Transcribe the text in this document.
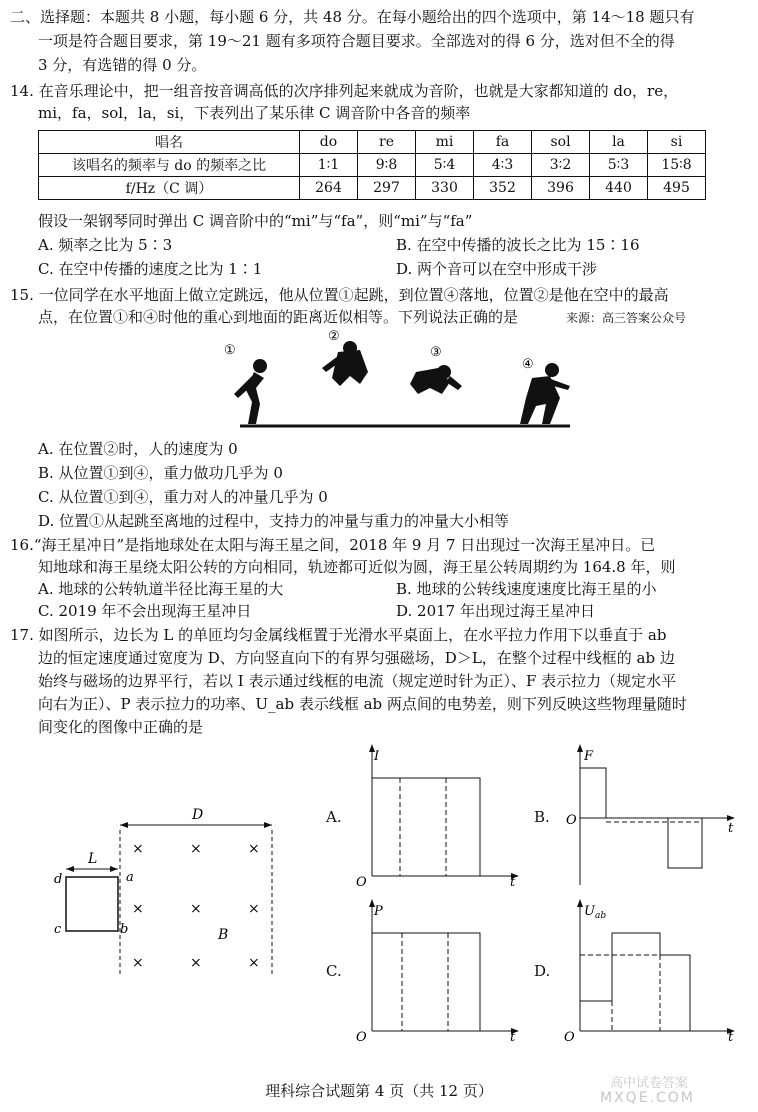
二、选择题：本题共 8 小题，每小题 6 分，共 48 分。在每小题给出的四个选项中，第 14～18 题只有
一项是符合题目要求，第 19～21 题有多项符合题目要求。全部选对的得 6 分，选对但不全的得
3 分，有选错的得 0 分。
14. 在音乐理论中，把一组音按音调高低的次序排列起来就成为音阶，也就是大家都知道的 do，re，
mi，fa，sol，la，si，下表列出了某乐律 C 调音阶中各音的频率
唱名	do	re	mi	fa	sol	la	si
该唱名的频率与 do 的频率之比	1∶1	9∶8	5∶4	4∶3	3∶2	5∶3	15∶8
f/Hz（C 调）	264	297	330	352	396	440	495
假设一架钢琴同时弹出 C 调音阶中的“mi”与“fa”，则“mi”与“fa”
A. 频率之比为 5∶3	B. 在空中传播的波长之比为 15∶16
C. 在空中传播的速度之比为 1∶1	D. 两个音可以在空中形成干涉
15. 一位同学在水平地面上做立定跳远，他从位置①起跳，到位置④落地，位置②是他在空中的最高
点，在位置①和④时他的重心到地面的距离近似相等。下列说法正确的是	来源：高三答案公众号
①
②
③
④
A. 在位置②时，人的速度为 0
B. 从位置①到④，重力做功几乎为 0
C. 从位置①到④，重力对人的冲量几乎为 0
D. 位置①从起跳至离地的过程中，支持力的冲量与重力的冲量大小相等
16.“海王星冲日”是指地球处在太阳与海王星之间，2018 年 9 月 7 日出现过一次海王星冲日。已
知地球和海王星绕太阳公转的方向相同，轨迹都可近似为圆，海王星公转周期约为 164.8 年，则
A. 地球的公转轨道半径比海王星的大	B. 地球的公转线速度速度比海王星的小
C. 2019 年不会出现海王星冲日	D. 2017 年出现过海王星冲日
17. 如图所示，边长为 L 的单匝均匀金属线框置于光滑水平桌面上，在水平拉力作用下以垂直于 ab
边的恒定速度通过宽度为 D、方向竖直向下的有界匀强磁场，D＞L，在整个过程中线框的 ab 边
始终与磁场的边界平行，若以 I 表示通过线框的电流（规定逆时针为正）、F 表示拉力（规定水平
向右为正）、P 表示拉力的功率、U_ab 表示线框 ab 两点间的电势差，则下列反映这些物理量随时
间变化的图像中正确的是
D
L
d	a
c	b	B
×	×	×
×	×	×
×	×	×
A.
I
O	t
B.
F
O
t
C.
P
O	t
D.
$U_{ab}$
O	t
理科综合试题第 4 页（共 12 页）	高中试卷答案
MXQE.COM
